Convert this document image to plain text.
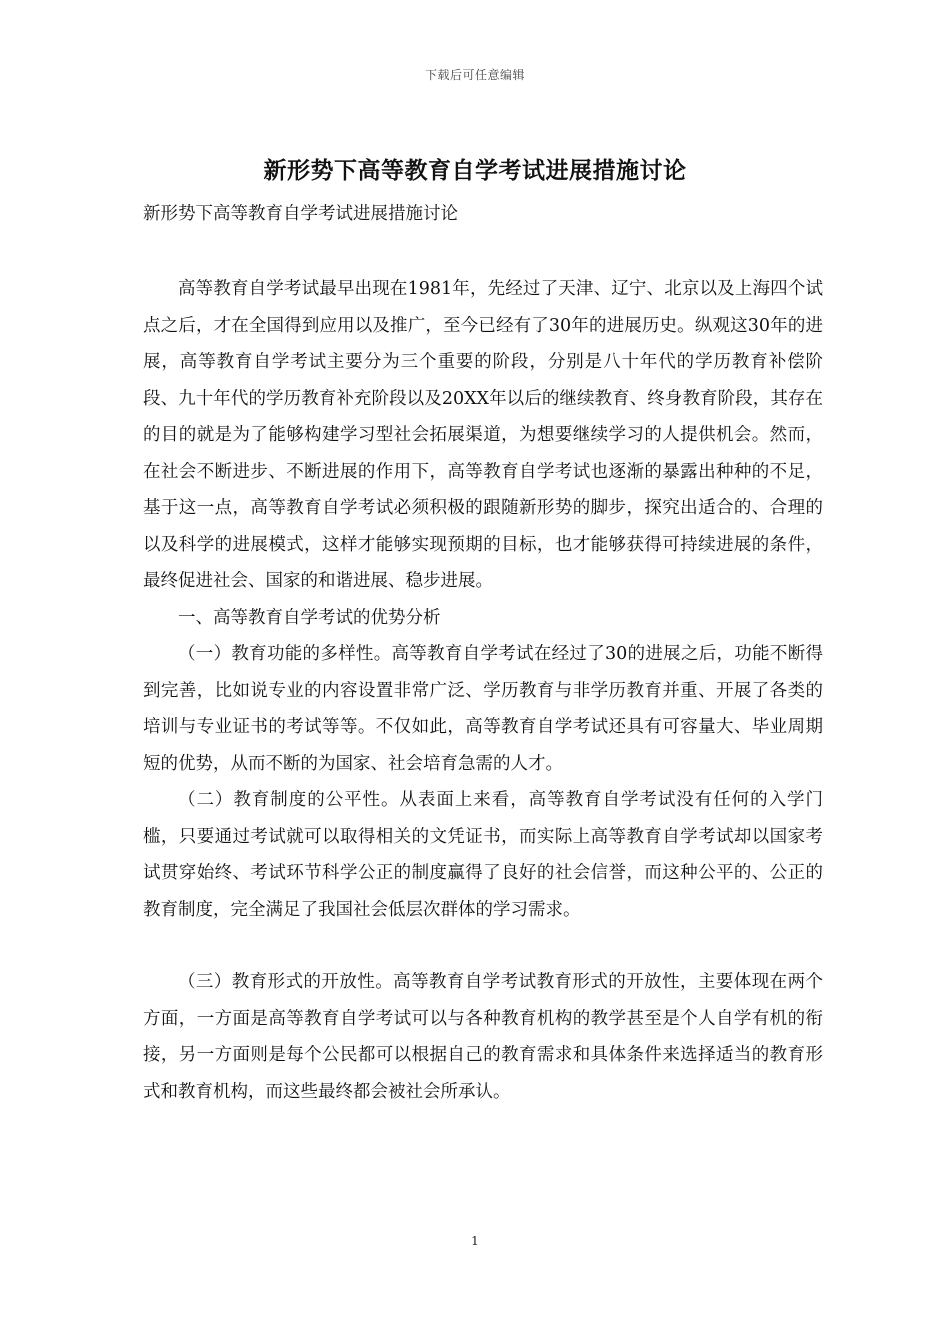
下载后可任意编辑
新形势下高等教育自学考试进展措施讨论
新形势下高等教育自学考试进展措施讨论

高等教育自学考试最早出现在1981年，先经过了天津、辽宁、北京以及上海四个试点之后，才在全国得到应用以及推广，至今已经有了30年的进展历史。纵观这30年的进展，高等教育自学考试主要分为三个重要的阶段，分别是八十年代的学历教育补偿阶段、九十年代的学历教育补充阶段以及20XX年以后的继续教育、终身教育阶段，其存在的目的就是为了能够构建学习型社会拓展渠道，为想要继续学习的人提供机会。然而，在社会不断进步、不断进展的作用下，高等教育自学考试也逐渐的暴露出种种的不足，基于这一点，高等教育自学考试必须积极的跟随新形势的脚步，探究出适合的、合理的以及科学的进展模式，这样才能够实现预期的目标，也才能够获得可持续进展的条件，最终促进社会、国家的和谐进展、稳步进展。

一、高等教育自学考试的优势分析

（一）教育功能的多样性。高等教育自学考试在经过了30的进展之后，功能不断得到完善，比如说专业的内容设置非常广泛、学历教育与非学历教育并重、开展了各类的培训与专业证书的考试等等。不仅如此，高等教育自学考试还具有可容量大、毕业周期短的优势，从而不断的为国家、社会培育急需的人才。

（二）教育制度的公平性。从表面上来看，高等教育自学考试没有任何的入学门槛，只要通过考试就可以取得相关的文凭证书，而实际上高等教育自学考试却以国家考试贯穿始终、考试环节科学公正的制度赢得了良好的社会信誉，而这种公平的、公正的教育制度，完全满足了我国社会低层次群体的学习需求。

（三）教育形式的开放性。高等教育自学考试教育形式的开放性，主要体现在两个方面，一方面是高等教育自学考试可以与各种教育机构的教学甚至是个人自学有机的衔接，另一方面则是每个公民都可以根据自己的教育需求和具体条件来选择适当的教育形式和教育机构，而这些最终都会被社会所承认。

1
